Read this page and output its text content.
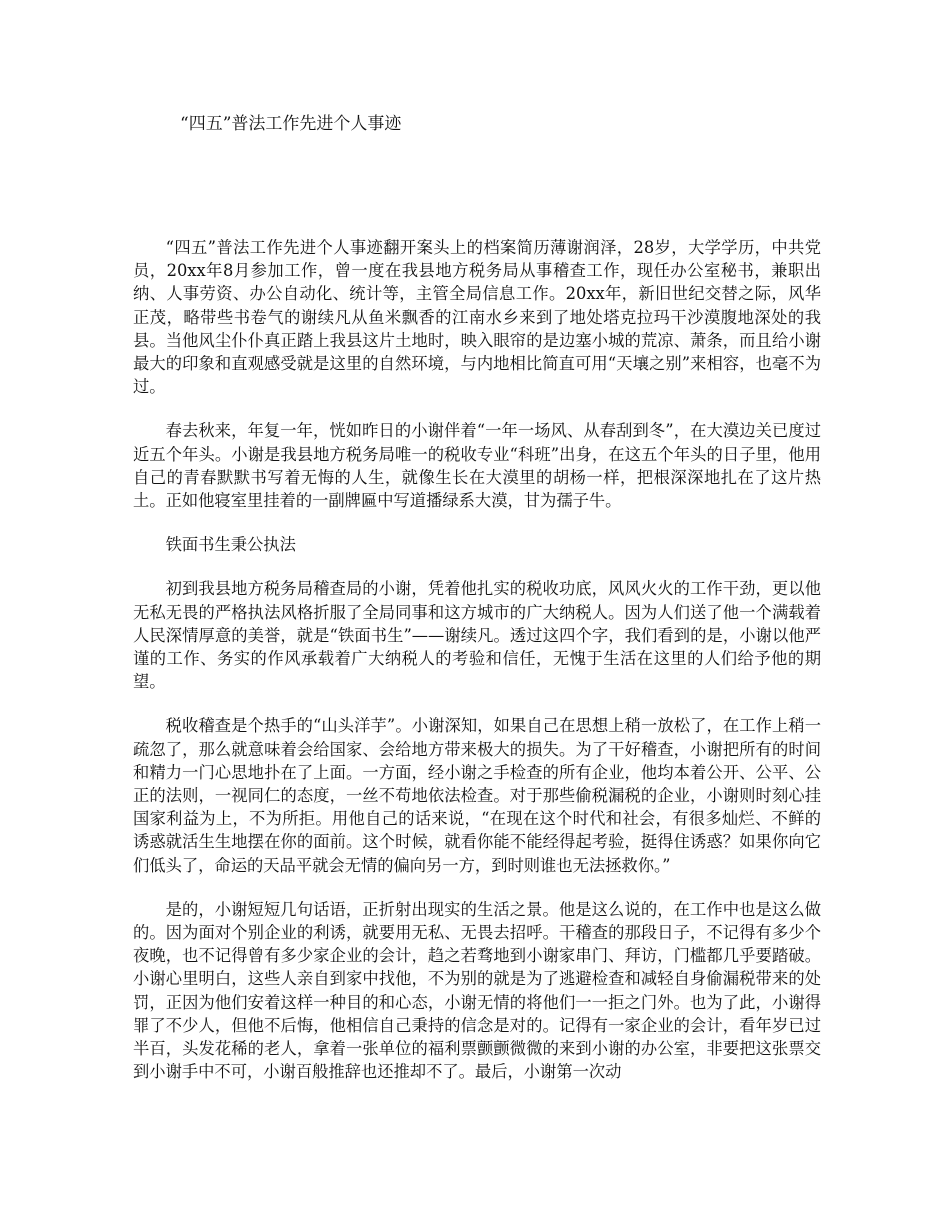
“四五”普法工作先进个人事迹

“四五”普法工作先进个人事迹翻开案头上的档案简历薄谢润泽，28岁，大学学历，中共党员，20xx年8月参加工作，曾一度在我县地方税务局从事稽查工作，现任办公室秘书，兼职出纳、人事劳资、办公自动化、统计等，主管全局信息工作。20xx年，新旧世纪交替之际，风华正茂，略带些书卷气的谢续凡从鱼米飘香的江南水乡来到了地处塔克拉玛干沙漠腹地深处的我县。当他风尘仆仆真正踏上我县这片土地时，映入眼帘的是边塞小城的荒凉、萧条，而且给小谢最大的印象和直观感受就是这里的自然环境，与内地相比简直可用“天壤之别”来相容，也毫不为过。

春去秋来，年复一年，恍如昨日的小谢伴着“一年一场风、从春刮到冬”，在大漠边关已度过近五个年头。小谢是我县地方税务局唯一的税收专业“科班”出身，在这五个年头的日子里，他用自己的青春默默书写着无悔的人生，就像生长在大漠里的胡杨一样，把根深深地扎在了这片热土。正如他寝室里挂着的一副牌匾中写道播绿系大漠，甘为孺子牛。

铁面书生秉公执法

初到我县地方税务局稽查局的小谢，凭着他扎实的税收功底，风风火火的工作干劲，更以他无私无畏的严格执法风格折服了全局同事和这方城市的广大纳税人。因为人们送了他一个满载着人民深情厚意的美誉，就是“铁面书生”——谢续凡。透过这四个字，我们看到的是，小谢以他严谨的工作、务实的作风承载着广大纳税人的考验和信任，无愧于生活在这里的人们给予他的期望。

税收稽查是个热手的“山头洋芋”。小谢深知，如果自己在思想上稍一放松了，在工作上稍一疏忽了，那么就意味着会给国家、会给地方带来极大的损失。为了干好稽查，小谢把所有的时间和精力一门心思地扑在了上面。一方面，经小谢之手检查的所有企业，他均本着公开、公平、公正的法则，一视同仁的态度，一丝不苟地依法检查。对于那些偷税漏税的企业，小谢则时刻心挂国家利益为上，不为所拒。用他自己的话来说，“在现在这个时代和社会，有很多灿烂、不鲜的诱惑就活生生地摆在你的面前。这个时候，就看你能不能经得起考验，挺得住诱惑？如果你向它们低头了，命运的天品平就会无情的偏向另一方，到时则谁也无法拯救你。”

是的，小谢短短几句话语，正折射出现实的生活之景。他是这么说的，在工作中也是这么做的。因为面对个别企业的利诱，就要用无私、无畏去招呼。干稽查的那段日子，不记得有多少个夜晚，也不记得曾有多少家企业的会计，趋之若骛地到小谢家串门、拜访，门槛都几乎要踏破。小谢心里明白，这些人亲自到家中找他，不为别的就是为了逃避检查和减轻自身偷漏税带来的处罚，正因为他们安着这样一种目的和心态，小谢无情的将他们一一拒之门外。也为了此，小谢得罪了不少人，但他不后悔，他相信自己秉持的信念是对的。记得有一家企业的会计，看年岁已过半百，头发花稀的老人，拿着一张单位的福利票颤颤微微的来到小谢的办公室，非要把这张票交到小谢手中不可，小谢百般推辞也还推却不了。最后，小谢第一次动
